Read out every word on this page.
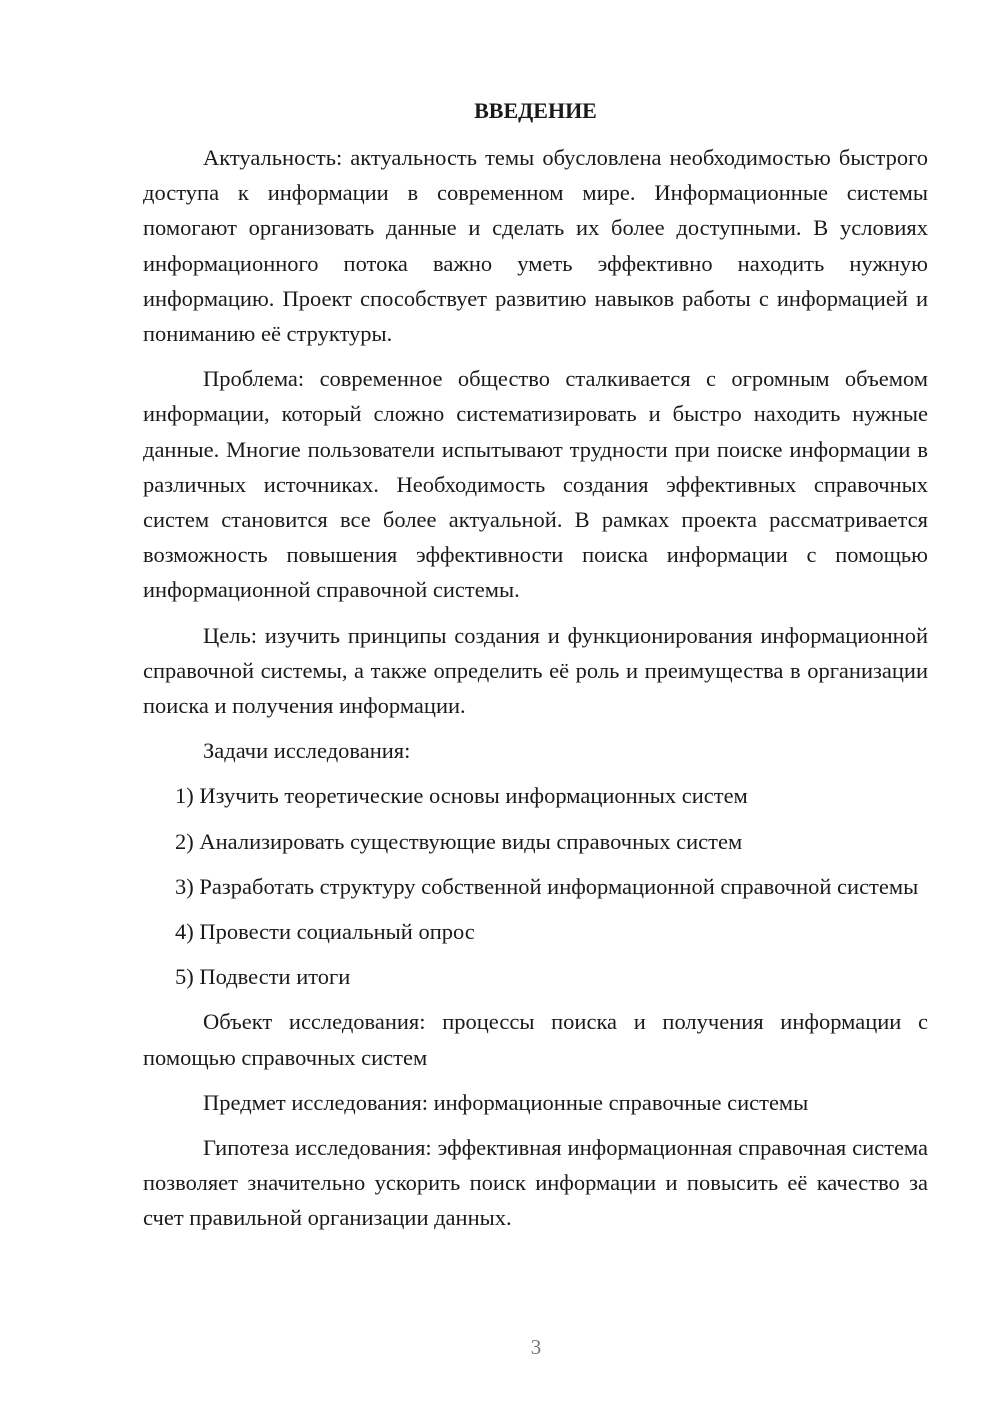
ВВЕДЕНИЕ

Актуальность: актуальность темы обусловлена необходимостью быстрого доступа к информации в современном мире. Информационные системы помогают организовать данные и сделать их более доступными. В условиях информационного потока важно уметь эффективно находить нужную информацию. Проект способствует развитию навыков работы с информацией и пониманию её структуры.

Проблема: современное общество сталкивается с огромным объемом информации, который сложно систематизировать и быстро находить нужные данные. Многие пользователи испытывают трудности при поиске информации в различных источниках. Необходимость создания эффективных справочных систем становится все более актуальной. В рамках проекта рассматривается возможность повышения эффективности поиска информации с помощью информационной справочной системы.

Цель: изучить принципы создания и функционирования информационной справочной системы, а также определить её роль и преимущества в организации поиска и получения информации.

Задачи исследования:

1) Изучить теоретические основы информационных систем

2) Анализировать существующие виды справочных систем

3) Разработать структуру собственной информационной справочной системы

4) Провести социальный опрос

5) Подвести итоги

Объект исследования: процессы поиска и получения информации с помощью справочных систем

Предмет исследования: информационные справочные системы

Гипотеза исследования: эффективная информационная справочная система позволяет значительно ускорить поиск информации и повысить её качество за счет правильной организации данных.

3
